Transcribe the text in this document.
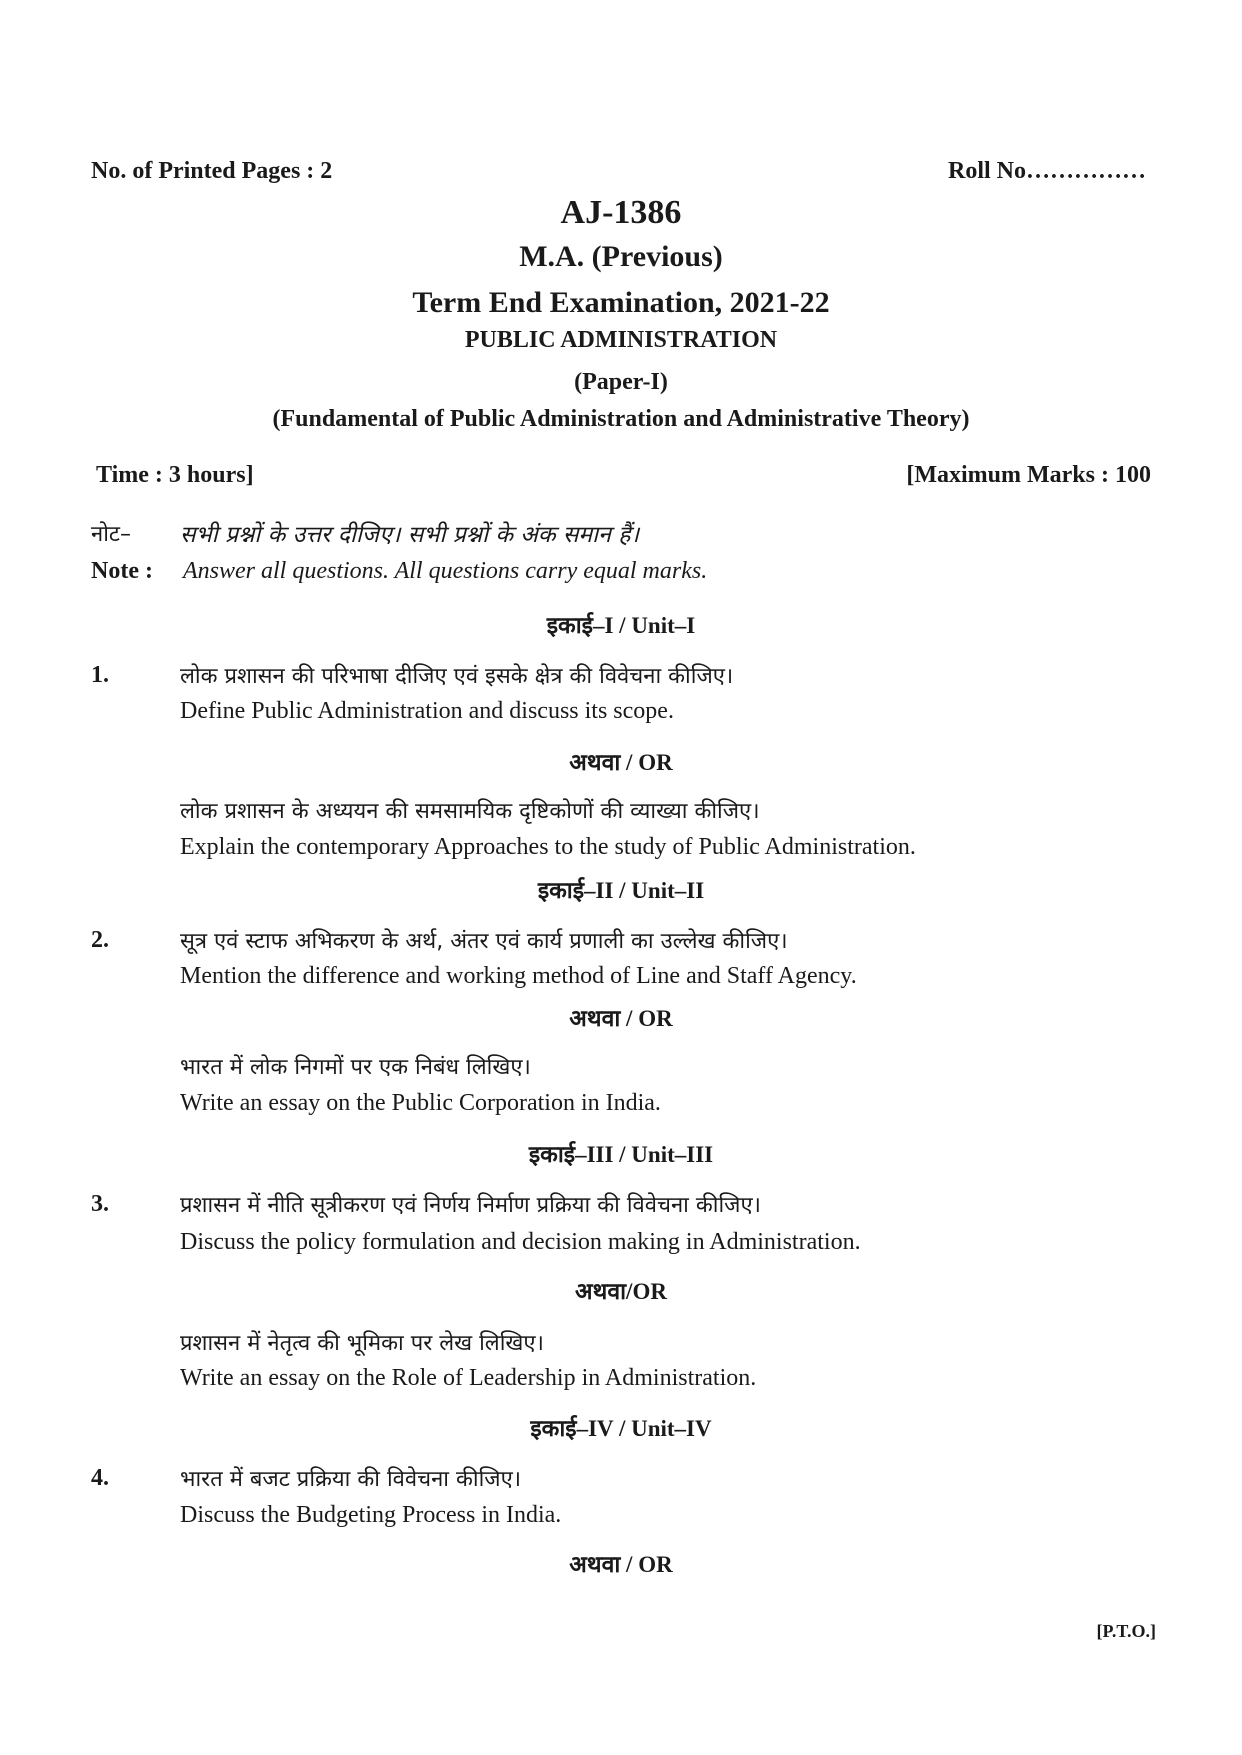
No. of Printed Pages : 2	Roll No……………
AJ-1386
M.A. (Previous)
Term End Examination, 2021-22
PUBLIC ADMINISTRATION
(Paper-I)
(Fundamental of Public Administration and Administrative Theory)
Time : 3 hours]	[Maximum Marks : 100
नोट– सभी प्रश्नों के उत्तर दीजिए। सभी प्रश्नों के अंक समान हैं।
Note : Answer all questions. All questions carry equal marks.
इकाई–I / Unit–I
1.	लोक प्रशासन की परिभाषा दीजिए एवं इसके क्षेत्र की विवेचना कीजिए।
Define Public Administration and discuss its scope.
अथवा / OR
लोक प्रशासन के अध्ययन की समसामयिक दृष्टिकोणों की व्याख्या कीजिए।
Explain the contemporary Approaches to the study of Public Administration.
इकाई–II / Unit–II
2.	सूत्र एवं स्टाफ अभिकरण के अर्थ, अंतर एवं कार्य प्रणाली का उल्लेख कीजिए।
Mention the difference and working method of Line and Staff Agency.
अथवा / OR
भारत में लोक निगमों पर एक निबंध लिखिए।
Write an essay on the Public Corporation in India.
इकाई–III / Unit–III
3.	प्रशासन में नीति सूत्रीकरण एवं निर्णय निर्माण प्रक्रिया की विवेचना कीजिए।
Discuss the policy formulation and decision making in Administration.
अथवा/OR
प्रशासन में नेतृत्व की भूमिका पर लेख लिखिए।
Write an essay on the Role of Leadership in Administration.
इकाई–IV / Unit–IV
4.	भारत में बजट प्रक्रिया की विवेचना कीजिए।
Discuss the Budgeting Process in India.
अथवा / OR
[P.T.O.]
